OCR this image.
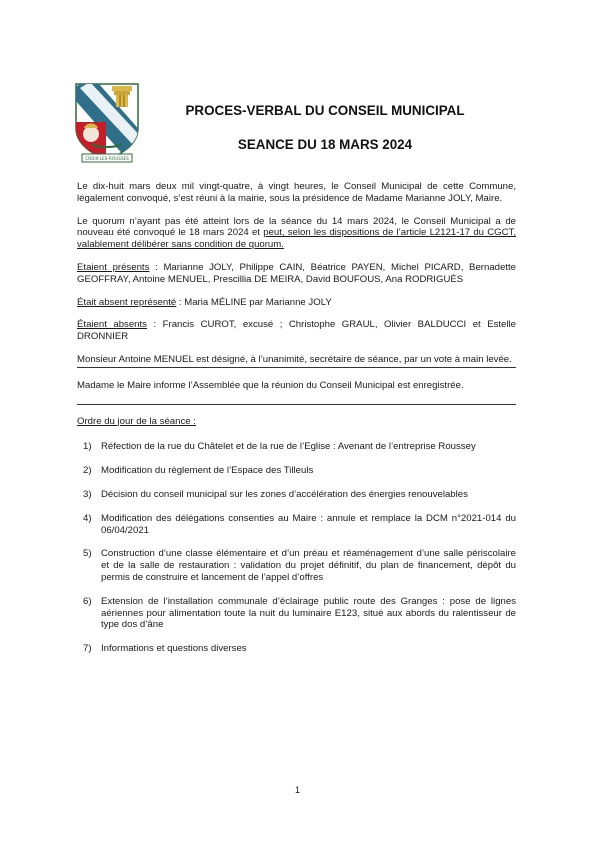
CROIX-LES-ROUSSES
PROCES-VERBAL DU CONSEIL MUNICIPAL
SEANCE DU 18 MARS 2024

Le dix-huit mars deux mil vingt-quatre, à vingt heures, le Conseil Municipal de cette Commune, légalement convoqué, s’est réuni à la mairie, sous la présidence de Madame Marianne JOLY, Maire.

Le quorum n’ayant pas été atteint lors de la séance du 14 mars 2024, le Conseil Municipal a de nouveau été convoqué le 18 mars 2024 et peut, selon les dispositions de l’article L2121-17 du CGCT, valablement délibérer sans condition de quorum.

Etaient présents : Marianne JOLY, Philippe CAIN, Béatrice PAYEN, Michel PICARD, Bernadette GEOFFRAY, Antoine MENUEL, Prescillia DE MEIRA, David BOUFOUS, Ana RODRIGUÈS

Était absent représenté : Maria MÉLINE par Marianne JOLY

Étaient absents : Francis CUROT, excusé ; Christophe GRAUL, Olivier BALDUCCI et Estelle DRONNIER

Monsieur Antoine MENUEL est désigné, à l’unanimité, secrétaire de séance, par un vote à main levée.

Madame le Maire informe l’Assemblée que la réunion du Conseil Municipal est enregistrée.

Ordre du jour de la séance :

1) Réfection de la rue du Châtelet et de la rue de l’Eglise : Avenant de l’entreprise Roussey
2) Modification du règlement de l’Espace des Tilleuls
3) Décision du conseil municipal sur les zones d’accélération des énergies renouvelables
4) Modification des délégations consenties au Maire : annule et remplace la DCM n°2021-014 du 06/04/2021
5) Construction d’une classe élémentaire et d’un préau et réaménagement d’une salle périscolaire et de la salle de restauration : validation du projet définitif, du plan de financement, dépôt du permis de construire et lancement de l’appel d’offres
6) Extension de l’installation communale d’éclairage public route des Granges : pose de lignes aériennes pour alimentation toute la nuit du luminaire E123, situé aux abords du ralentisseur de type dos d’âne
7) Informations et questions diverses
1
